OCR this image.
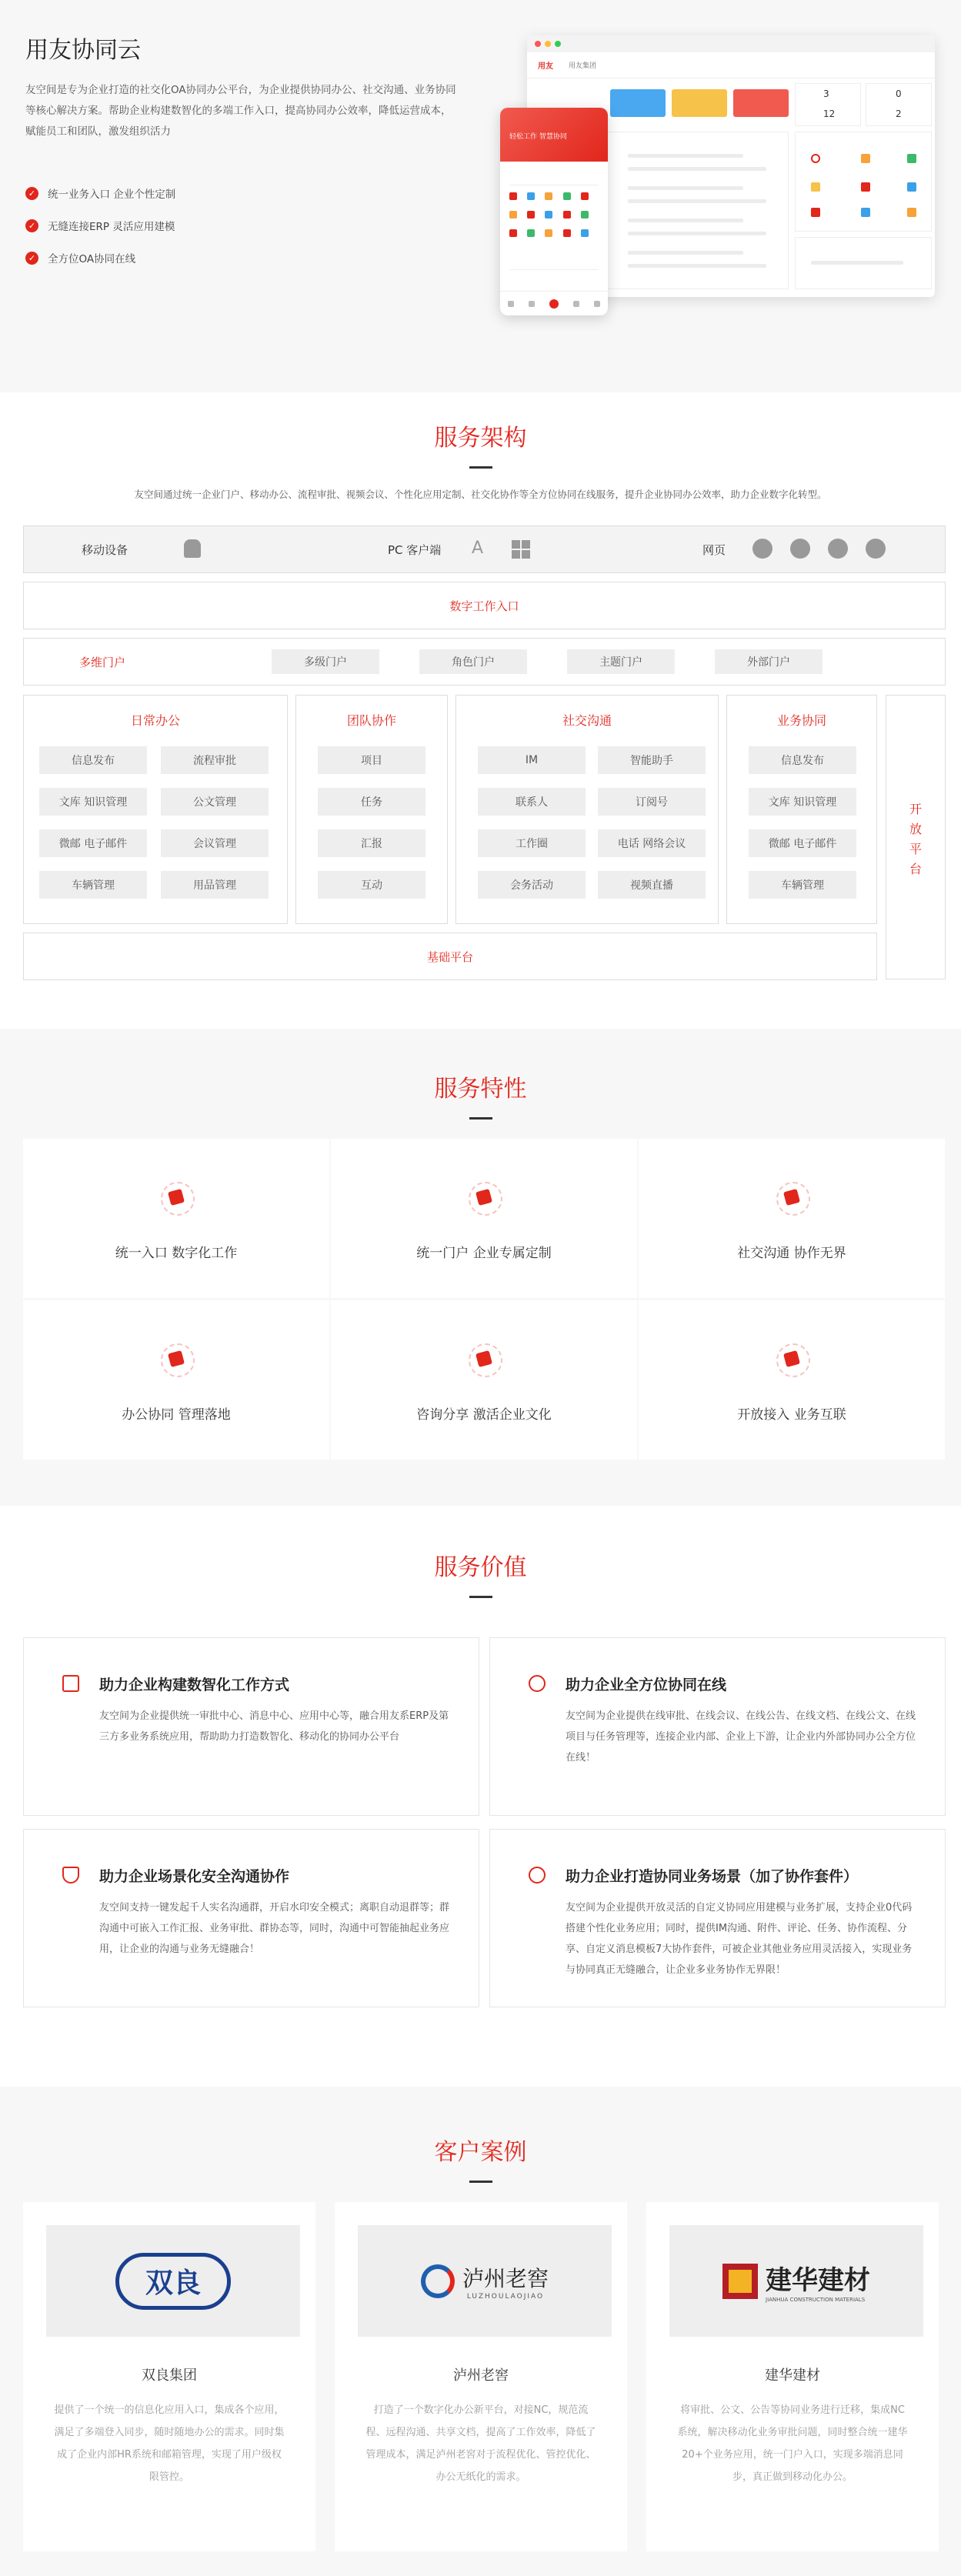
用友协同云

友空间是专为企业打造的社交化OA协同办公平台，为企业提供协同办公、社交沟通、业务协同等核心解决方案。帮助企业构建数智化的多端工作入口，提高协同办公效率，降低运营成本，赋能员工和团队，激发组织活力

✓ 统一业务入口 企业个性定制
✓ 无缝连接ERP 灵活应用建模
✓ 全方位OA协同在线
用友 用友集团
3
12
0
2
轻松工作 智慧协同
服务架构

友空间通过统一企业门户、移动办公、流程审批、视频会议、个性化应用定制、社交化协作等全方位协同在线服务，提升企业协同办公效率，助力企业数字化转型。

移动设备	PC 客户端 A	网页
数字工作入口
多维门户	多级门户	角色门户	主题门户	外部门户
日常办公
信息发布	流程审批
文库 知识管理	公文管理
微邮 电子邮件	会议管理
车辆管理	用品管理
团队协作
项目
任务
汇报
互动
社交沟通
IM	智能助手
联系人	订阅号
工作圈	电话 网络会议
会务活动	视频直播
业务协同
信息发布
文库 知识管理
微邮 电子邮件
车辆管理
开放平台
基础平台
服务特性
统一入口 数字化工作	统一门户 企业专属定制	社交沟通 协作无界
办公协同 管理落地	咨询分享 激活企业文化	开放接入 业务互联
服务价值
助力企业构建数智化工作方式

友空间为企业提供统一审批中心、消息中心、应用中心等，融合用友系ERP及第三方多业务系统应用，帮助助力打造数智化、移动化的协同办公平台

助力企业全方位协同在线

友空间为企业提供在线审批、在线会议、在线公告、在线文档、在线公文、在线项目与任务管理等，连接企业内部、企业上下游，让企业内外部协同办公全方位在线！

助力企业场景化安全沟通协作

友空间支持一键发起千人实名沟通群，开启水印安全模式；离职自动退群等；群沟通中可嵌入工作汇报、业务审批、群协态等，同时，沟通中可智能抽起业务应用，让企业的沟通与业务无缝融合！

助力企业打造协同业务场景（加了协作套件）

友空间为企业提供开放灵活的自定义协同应用建模与业务扩展，支持企业0代码搭建个性化业务应用；同时，提供IM沟通、附件、评论、任务、协作流程、分享、自定义消息模板7大协作套件，可被企业其他业务应用灵活接入，实现业务与协同真正无缝融合，让企业多业务协作无界限！

客户案例
双良
双良集团
提供了一个统一的信息化应用入口，集成各个应用，满足了多端登入同步，随时随地办公的需求。同时集成了企业内部HR系统和邮箱管理，实现了用户级权限管控。
泸州老窖
LUZHOULAOJIAO
泸州老窖
打造了一个数字化办公新平台，对接NC，规范流程、远程沟通、共享文档，提高了工作效率，降低了管理成本，满足泸州老窖对于流程优化、管控优化、办公无纸化的需求。
建华建材
JIANHUA CONSTRUCTION MATERIALS
建华建材
将审批、公文、公告等协同业务进行迁移，集成NC系统，解决移动化业务审批问题，同时整合统一建华20+个业务应用，统一门户入口，实现多端消息同步，真正做到移动化办公。
